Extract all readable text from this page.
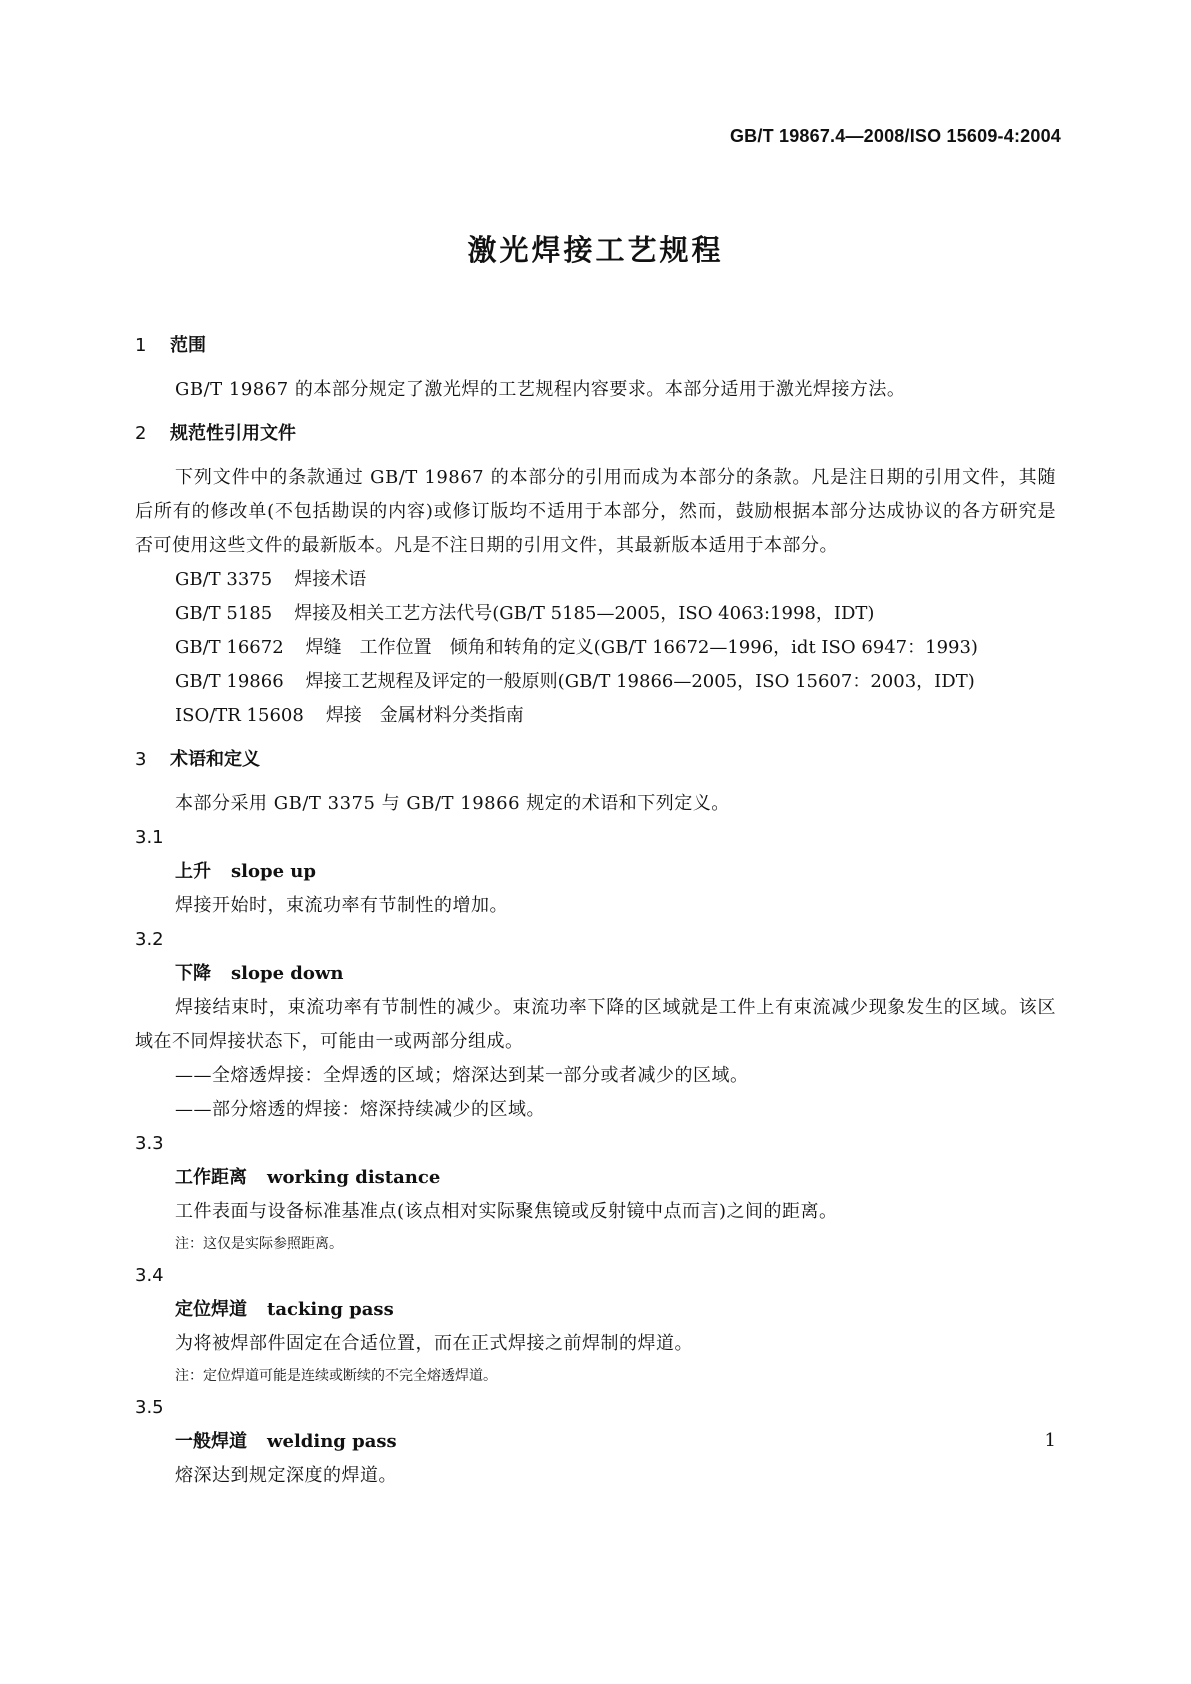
GB/T 19867.4—2008/ISO 15609-4:2004
激光焊接工艺规程
1 范围

GB/T 19867 的本部分规定了激光焊的工艺规程内容要求。本部分适用于激光焊接方法。

2 规范性引用文件

下列文件中的条款通过 GB/T 19867 的本部分的引用而成为本部分的条款。凡是注日期的引用文件，其随后所有的修改单(不包括勘误的内容)或修订版均不适用于本部分，然而，鼓励根据本部分达成协议的各方研究是否可使用这些文件的最新版本。凡是不注日期的引用文件，其最新版本适用于本部分。

GB/T 3375 焊接术语
GB/T 5185 焊接及相关工艺方法代号(GB/T 5185—2005，ISO 4063:1998，IDT)
GB/T 16672 焊缝　工作位置　倾角和转角的定义(GB/T 16672—1996，idt ISO 6947：1993)
GB/T 19866 焊接工艺规程及评定的一般原则(GB/T 19866—2005，ISO 15607：2003，IDT)
ISO/TR 15608 焊接　金属材料分类指南
3 术语和定义

本部分采用 GB/T 3375 与 GB/T 19866 规定的术语和下列定义。

3.1
上升 slope up
焊接开始时，束流功率有节制性的增加。
3.2
下降 slope down
焊接结束时，束流功率有节制性的减少。束流功率下降的区域就是工件上有束流减少现象发生的区域。该区域在不同焊接状态下，可能由一或两部分组成。
——全熔透焊接：全焊透的区域；熔深达到某一部分或者减少的区域。
——部分熔透的焊接：熔深持续减少的区域。
3.3
工作距离 working distance
工件表面与设备标准基准点(该点相对实际聚焦镜或反射镜中点而言)之间的距离。
注：这仅是实际参照距离。
3.4
定位焊道 tacking pass
为将被焊部件固定在合适位置，而在正式焊接之前焊制的焊道。
注：定位焊道可能是连续或断续的不完全熔透焊道。
3.5
一般焊道 welding pass
熔深达到规定深度的焊道。
1
